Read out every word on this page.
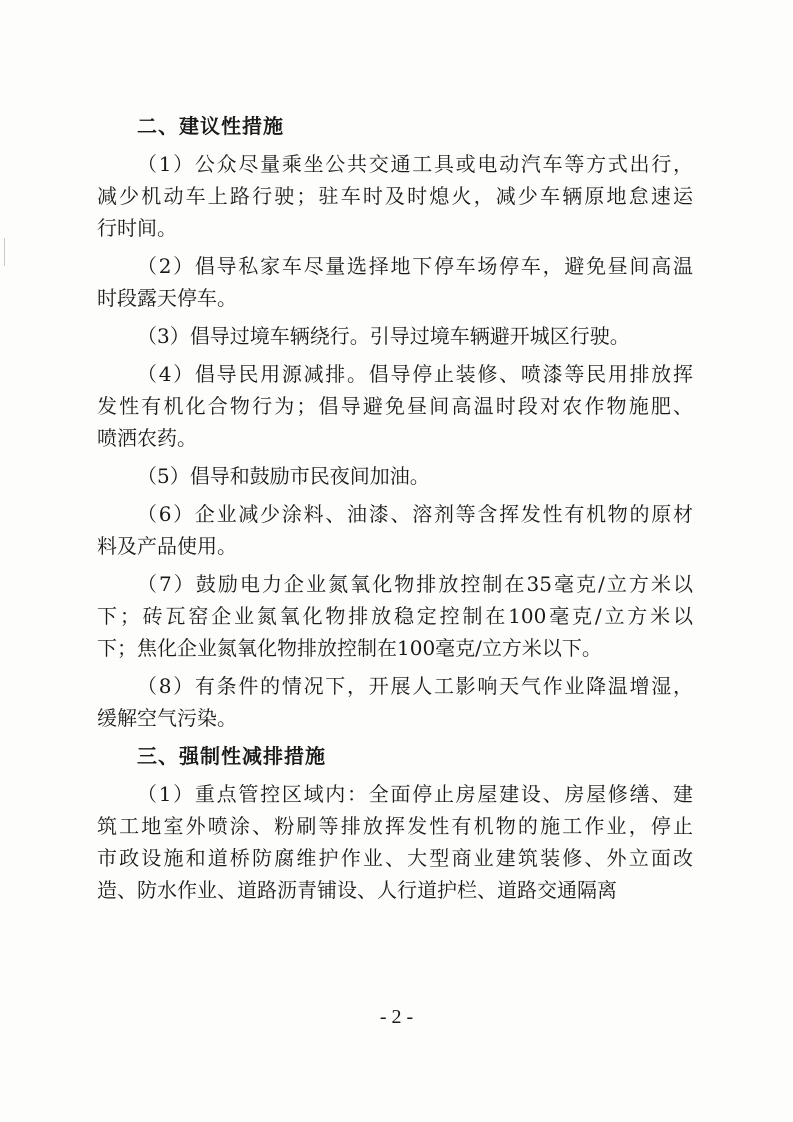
二、建议性措施
（1）公众尽量乘坐公共交通工具或电动汽车等方式出行，
减少机动车上路行驶；驻车时及时熄火，减少车辆原地怠速运
行时间。
（2）倡导私家车尽量选择地下停车场停车，避免昼间高温
时段露天停车。
（3）倡导过境车辆绕行。引导过境车辆避开城区行驶。
（4）倡导民用源减排。倡导停止装修、喷漆等民用排放挥
发性有机化合物行为；倡导避免昼间高温时段对农作物施肥、
喷洒农药。
（5）倡导和鼓励市民夜间加油。
（6）企业减少涂料、油漆、溶剂等含挥发性有机物的原材
料及产品使用。
（7）鼓励电力企业氮氧化物排放控制在35毫克/立方米以
下；砖瓦窑企业氮氧化物排放稳定控制在100毫克/立方米以
下；焦化企业氮氧化物排放控制在100毫克/立方米以下。
（8）有条件的情况下，开展人工影响天气作业降温增湿，
缓解空气污染。
三、强制性减排措施
（1）重点管控区域内：全面停止房屋建设、房屋修缮、建
筑工地室外喷涂、粉刷等排放挥发性有机物的施工作业，停止
市政设施和道桥防腐维护作业、大型商业建筑装修、外立面改
造、防水作业、道路沥青铺设、人行道护栏、道路交通隔离
- 2 -
